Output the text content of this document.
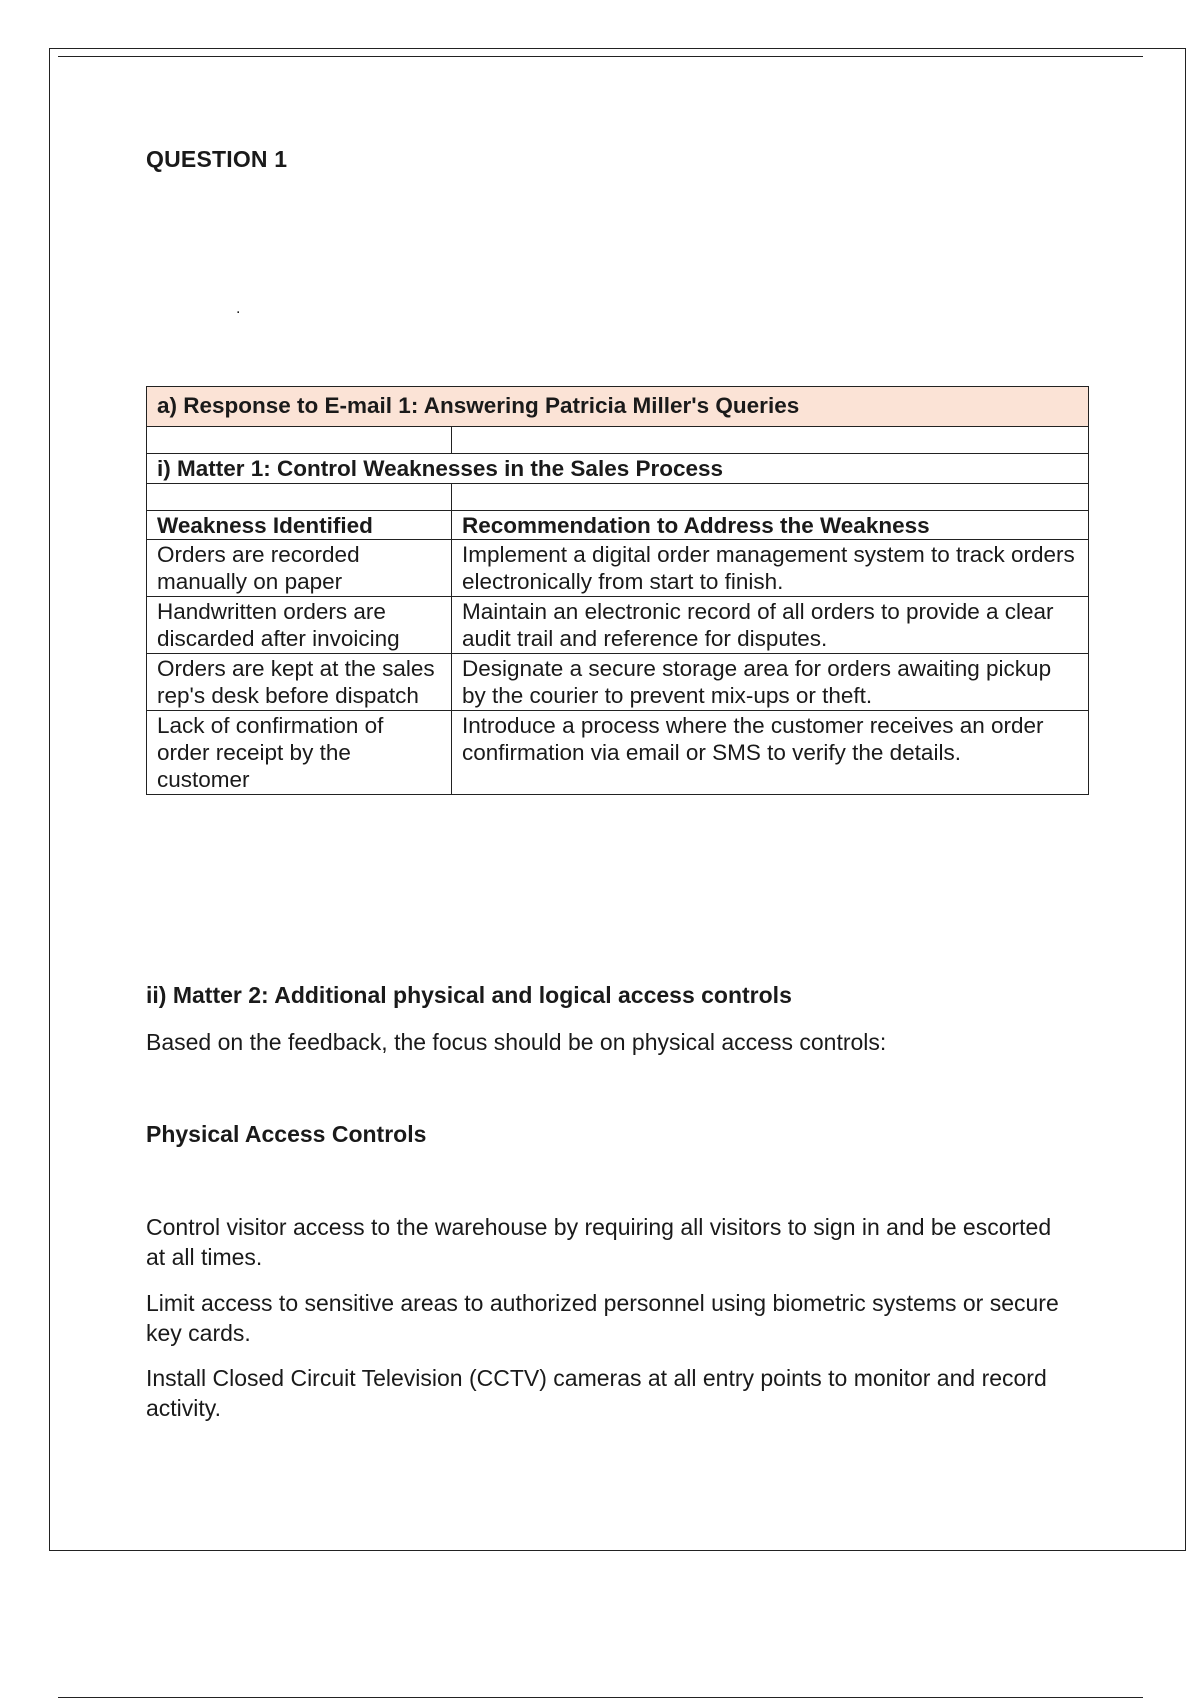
QUESTION 1
.
a) Response to E-mail 1: Answering Patricia Miller's Queries	

i) Matter 1: Control Weaknesses in the Sales Process	

Weakness Identified	Recommendation to Address the Weakness
Orders are recorded manually on paper	Implement a digital order management system to track orders electronically from start to finish.
Handwritten orders are discarded after invoicing	Maintain an electronic record of all orders to provide a clear audit trail and reference for disputes.
Orders are kept at the sales rep's desk before dispatch	Designate a secure storage area for orders awaiting pickup by the courier to prevent mix-ups or theft.
Lack of confirmation of order receipt by the customer	Introduce a process where the customer receives an order confirmation via email or SMS to verify the details.
ii) Matter 2: Additional physical and logical access controls
Based on the feedback, the focus should be on physical access controls:
Physical Access Controls
Control visitor access to the warehouse by requiring all visitors to sign in and be escorted at all times.
Limit access to sensitive areas to authorized personnel using biometric systems or secure key cards.
Install Closed Circuit Television (CCTV) cameras at all entry points to monitor and record activity.
